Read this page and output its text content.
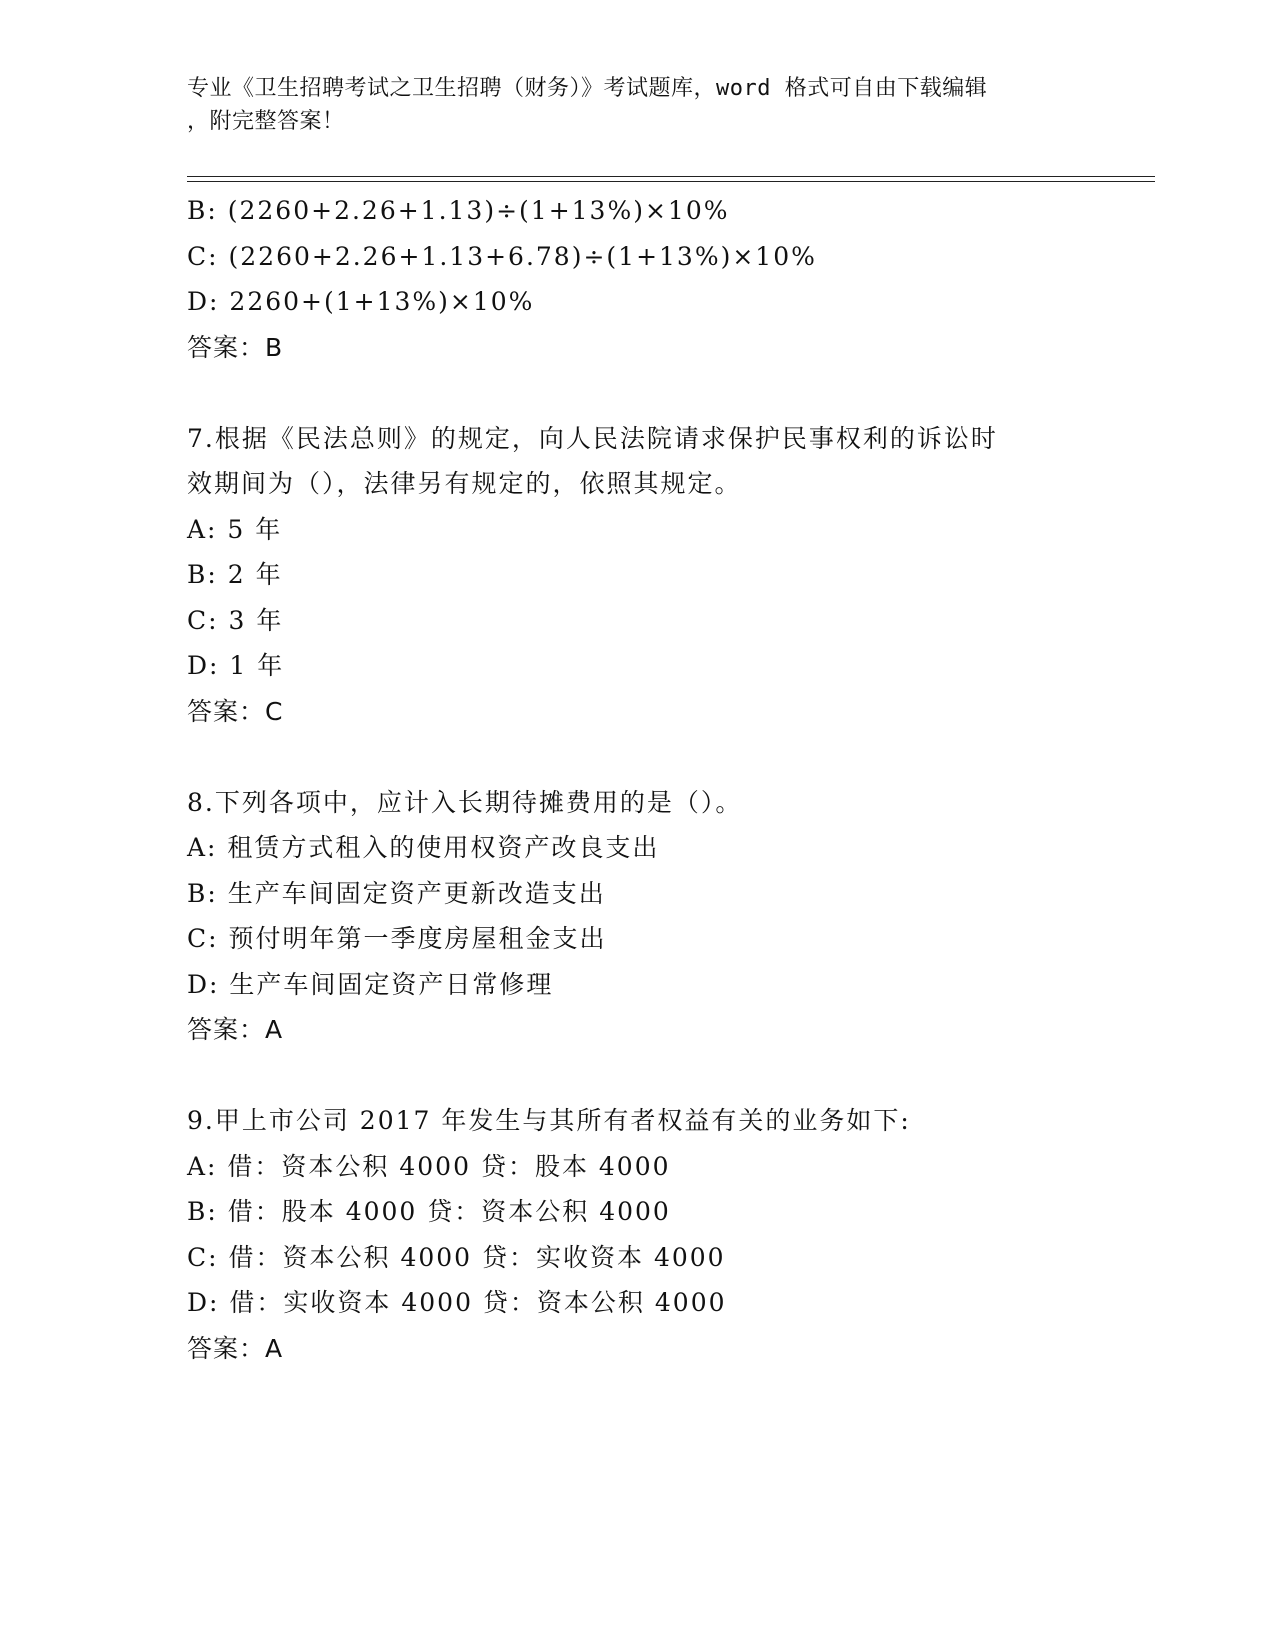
专业《卫生招聘考试之卫生招聘（财务）》考试题库，word 格式可自由下载编辑
，附完整答案！
B: (2260+2.26+1.13)÷(1+13%)×10%
C: (2260+2.26+1.13+6.78)÷(1+13%)×10%
D: 2260+(1+13%)×10%
答案：B
7.根据《民法总则》的规定，向人民法院请求保护民事权利的诉讼时
效期间为（），法律另有规定的，依照其规定。
A: 5 年
B: 2 年
C: 3 年
D: 1 年
答案：C
8.下列各项中，应计入长期待摊费用的是（）。
A: 租赁方式租入的使用权资产改良支出
B: 生产车间固定资产更新改造支出
C: 预付明年第一季度房屋租金支出
D: 生产车间固定资产日常修理
答案：A
9.甲上市公司 2017 年发生与其所有者权益有关的业务如下:
A: 借：资本公积 4000 贷：股本 4000
B: 借：股本 4000 贷：资本公积 4000
C: 借：资本公积 4000 贷：实收资本 4000
D: 借：实收资本 4000 贷：资本公积 4000
答案：A
